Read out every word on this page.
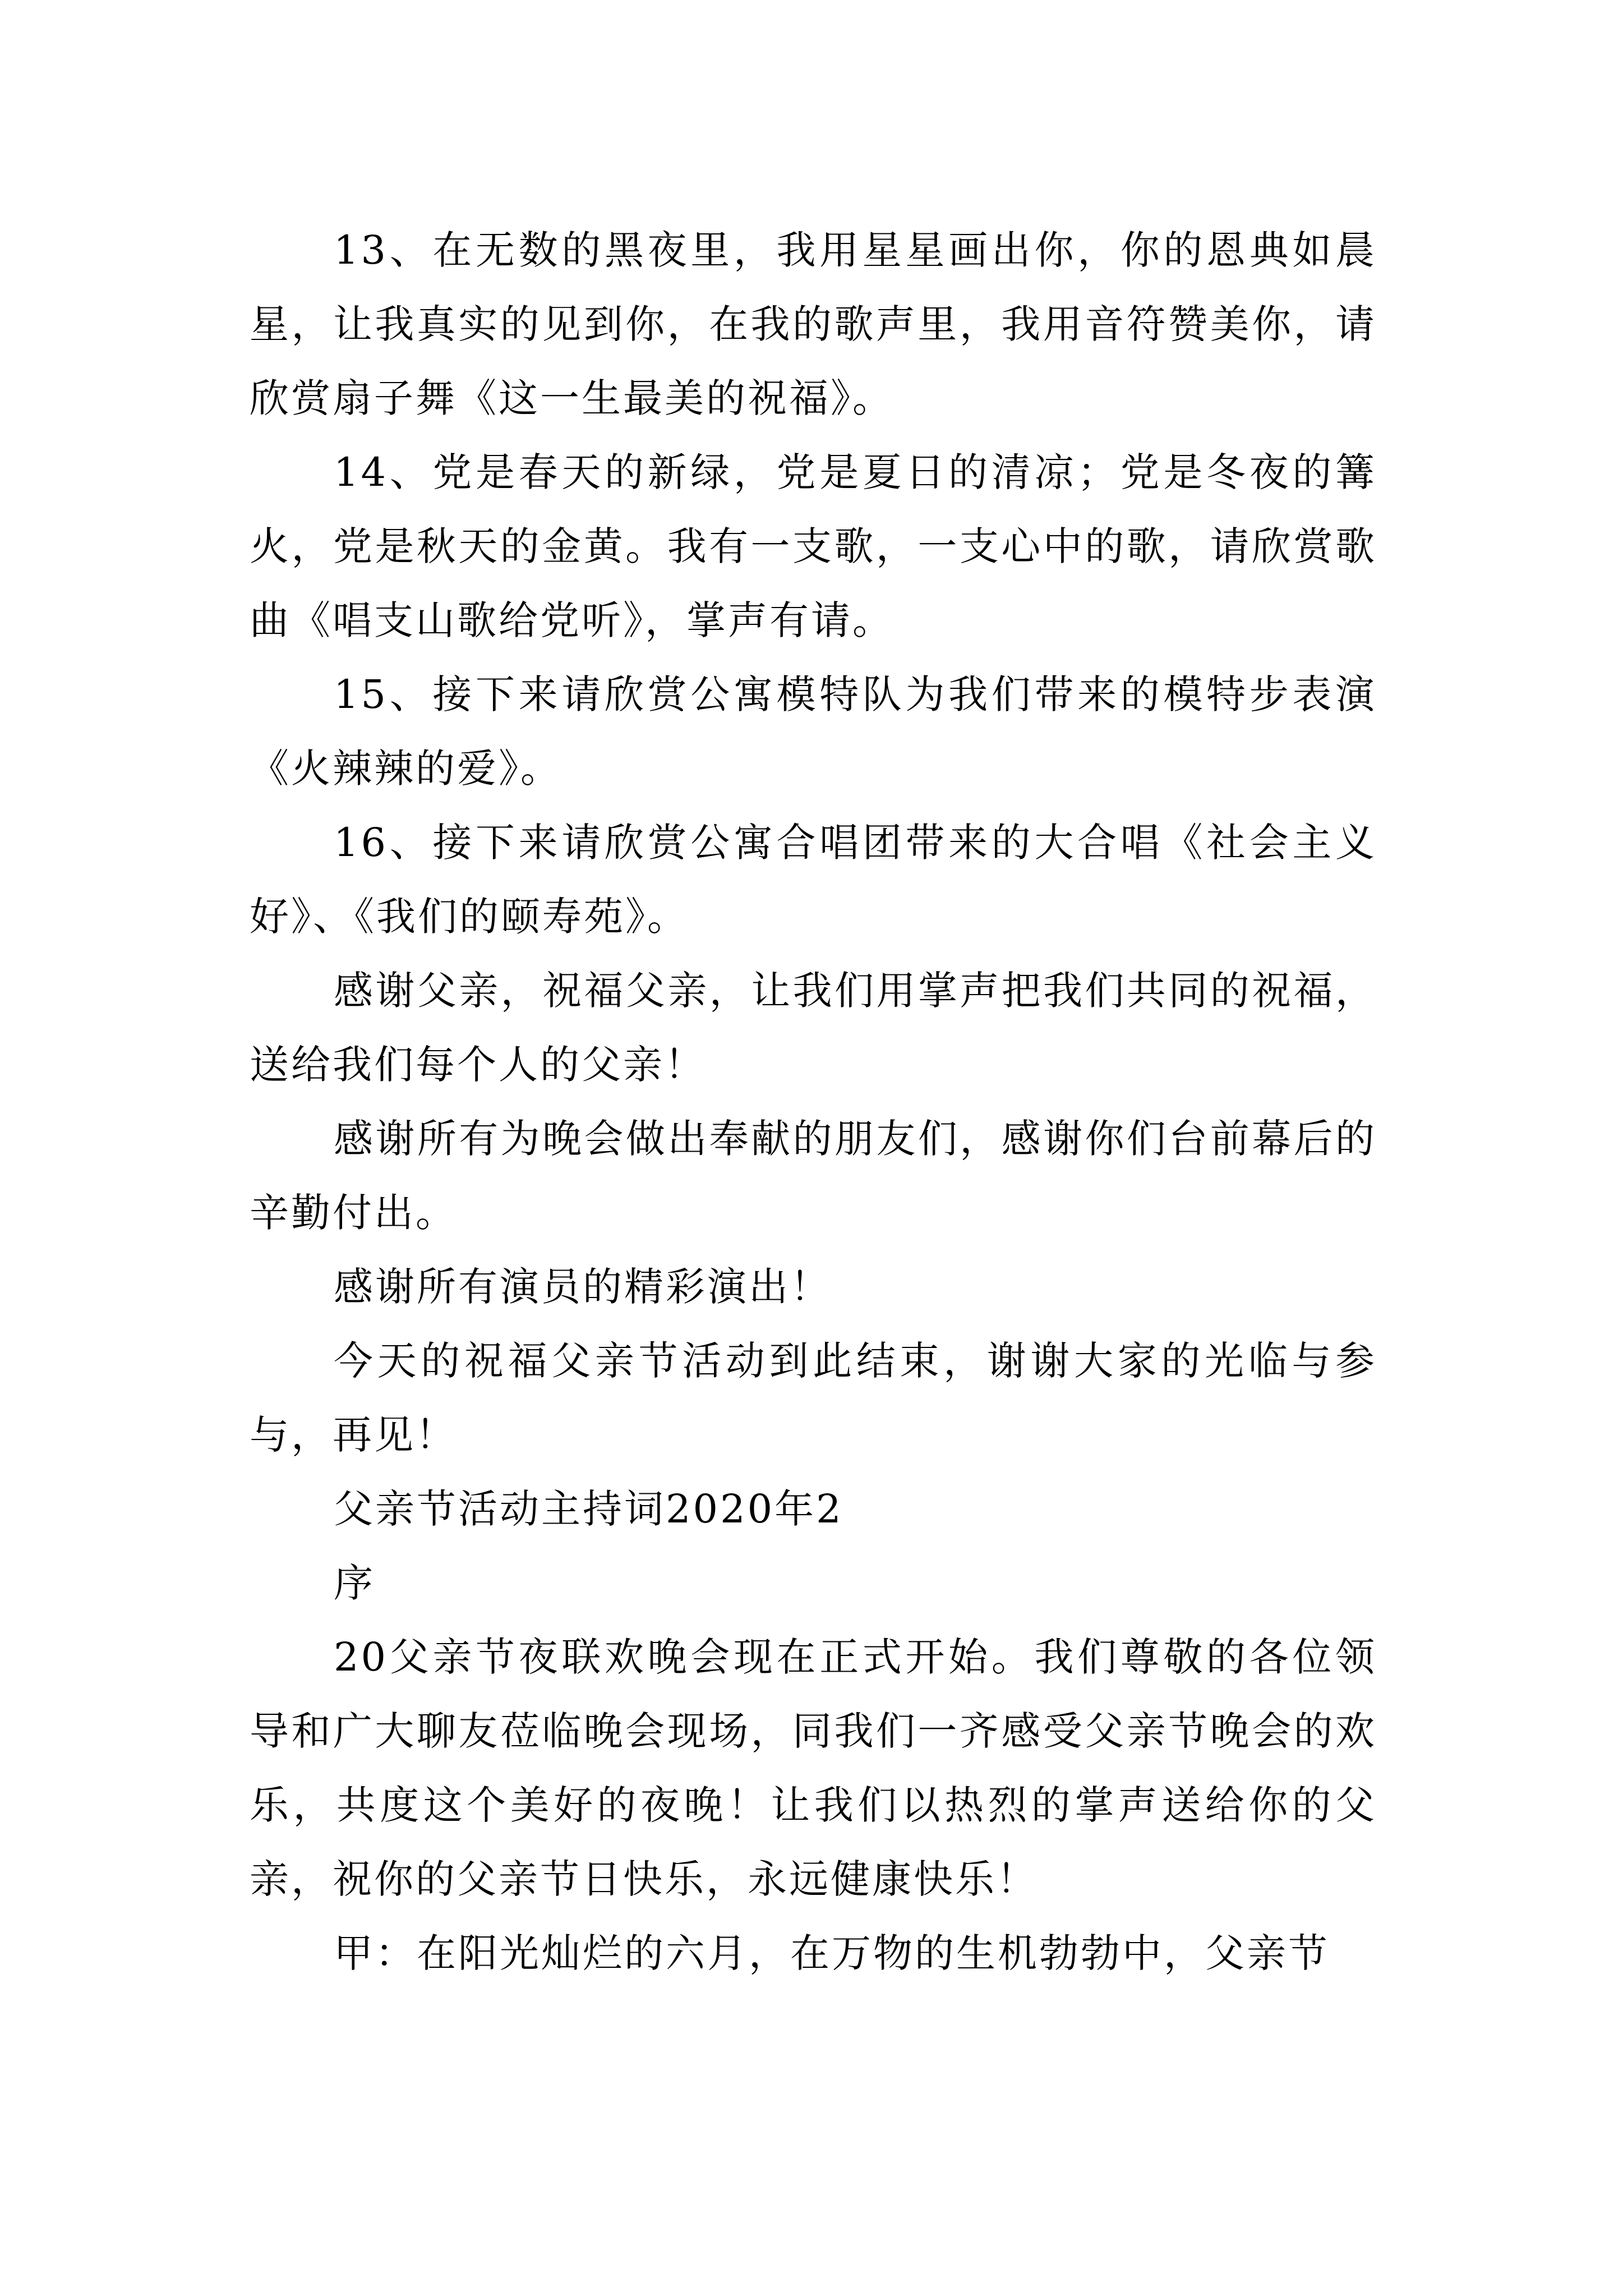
13、在无数的黑夜里，我用星星画出你，你的恩典如晨星，让我真实的见到你，在我的歌声里，我用音符赞美你，请欣赏扇子舞《这一生最美的祝福》。

14、党是春天的新绿，党是夏日的清凉；党是冬夜的篝火，党是秋天的金黄。我有一支歌，一支心中的歌，请欣赏歌曲《唱支山歌给党听》，掌声有请。

15、接下来请欣赏公寓模特队为我们带来的模特步表演《火辣辣的爱》。

16、接下来请欣赏公寓合唱团带来的大合唱《社会主义好》、《我们的颐寿苑》。

感谢父亲，祝福父亲，让我们用掌声把我们共同的祝福，送给我们每个人的父亲！

感谢所有为晚会做出奉献的朋友们，感谢你们台前幕后的辛勤付出。

感谢所有演员的精彩演出！

今天的祝福父亲节活动到此结束，谢谢大家的光临与参与，再见！

父亲节活动主持词2020年2

序

20父亲节夜联欢晚会现在正式开始。我们尊敬的各位领导和广大聊友莅临晚会现场，同我们一齐感受父亲节晚会的欢乐，共度这个美好的夜晚！让我们以热烈的掌声送给你的父亲，祝你的父亲节日快乐，永远健康快乐！

甲：在阳光灿烂的六月，在万物的生机勃勃中，父亲节
